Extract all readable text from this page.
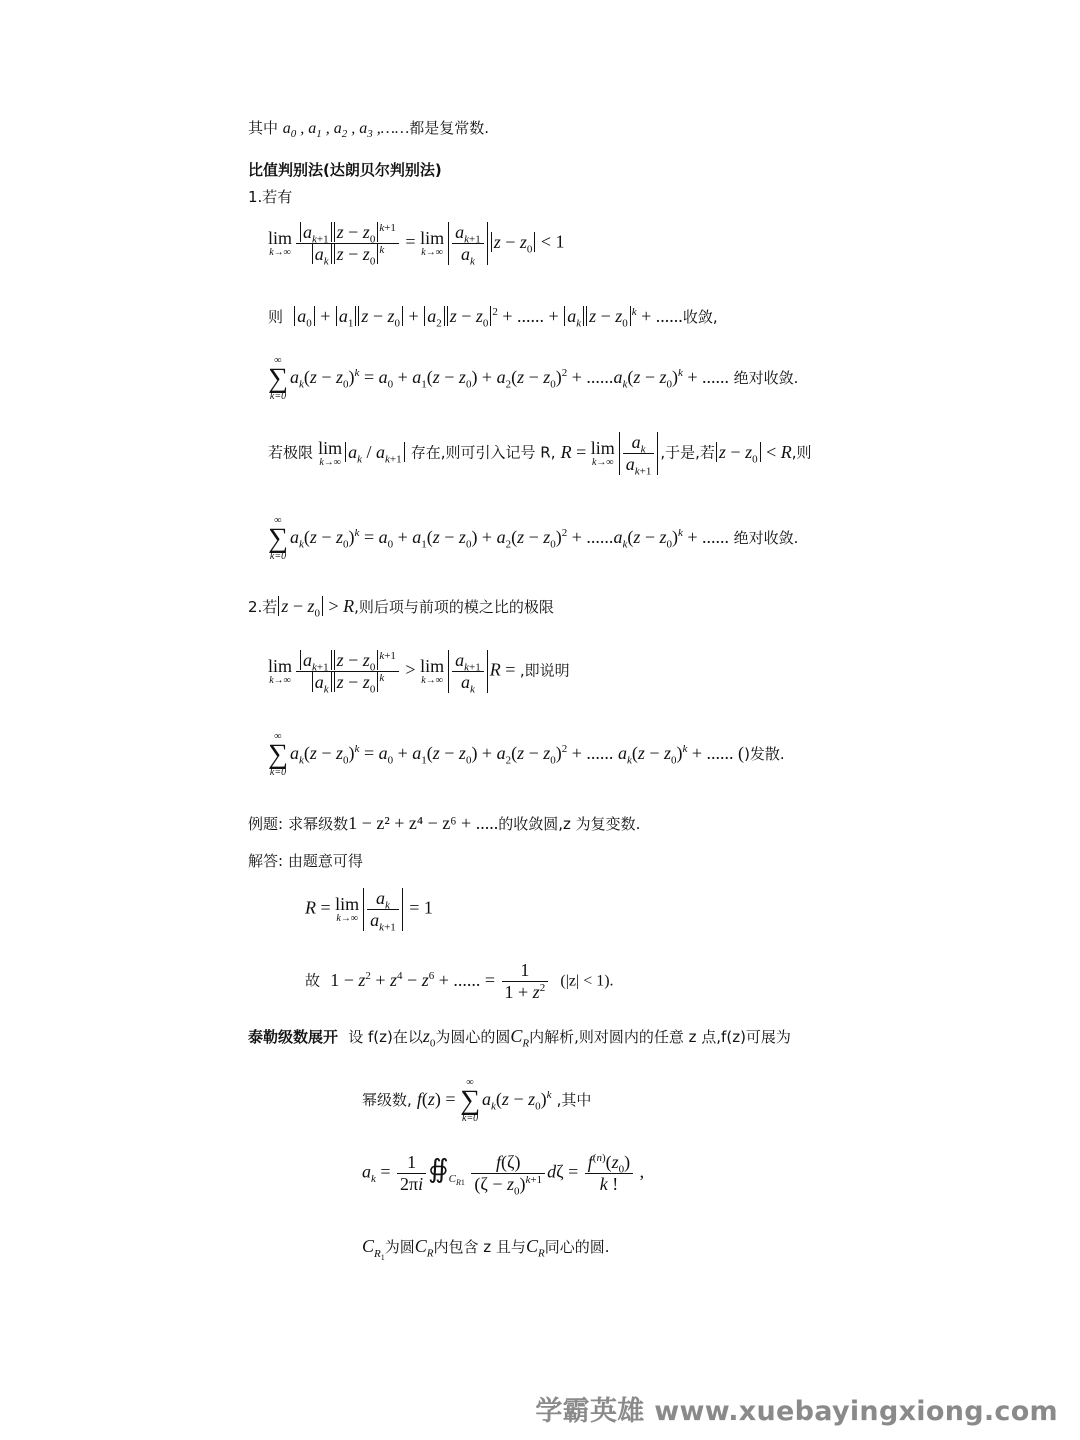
其中 $a_0$ , $a_1$ , $a_2$ , $a_3$ ,……都是复常数.
比值判别法(达朗贝尔判别法)
1.若有
lim
$k\to\infty \frac{a_{k+1} z - z_0^{k+1}}{a_k z - z_0^k} = \lim$
$k\to\infty \frac{a_{k+1}}{a_k}$ $z - z_0 < 1$
则 $a_0 + a_1$ $z - z_0 + a_2$ $z - z_0^2$ + ...... + $a_k$ $z - z_0^k$ + ......收敛,
∞
∑
k=0
$a_k(z - z_0)^k = a_0 + a_1(z - z_0) + a_2(z - z_0)^2 + ......a_k(z - z_0)^k$ + ...... 绝对收敛.
若极限 lim
k→∞
$a_k / a_{k+1}$ 存在,则可引入记号 R, R = lim
$k\to\infty \frac{a_k}{a_{k+1}}$ ,于是,若 $z - z_0 < R$,则
∞
∑
k=0
$a_k(z - z_0)^k = a_0 + a_1(z - z_0) + a_2(z - z_0)^2 + ......a_k(z - z_0)^k$ + ...... 绝对收敛.
2.若 $z - z_0 > R$,则后项与前项的模之比的极限
lim
$k\to\infty \frac{a_{k+1} z - z_0^{k+1}}{a_k z - z_0^k} > \lim$
$k\to\infty \frac{a_{k+1}}{a_k}$ R = ,即说明
∞
∑
k=0
$a_k(z - z_0)^k = a_0 + a_1(z - z_0) + a_2(z - z_0)^2$ + ...... $a_k(z - z_0)^k$ + ...... ()发散.
例题: 求幂级数1 − z² + z⁴ − z⁶ + .....的收敛圆,z 为复变数.
解答: 由题意可得
R = lim
$k\to\infty \frac{a_k}{a_{k+1}} = 1$
故 $1 - z^2 + z^4 - z^6$ + ...... = $\frac{1}{1 + z^2} (|z| < 1)$.
泰勒级数展开 设 f(z)在以$z_0$为圆心的圆$C_R$内解析,则对圆内的任意 z 点,f(z)可展为
幂级数, f(z) =
∞
∑
k=0
$a_k(z - z_0)^k$ ,其中
$a_k = \frac{1}{2\pi i}$ $∯_{C_{R1}} \frac{f(\zeta)}{(\zeta - z_0)^{k+1}}$ $d\zeta = \frac{f^{(n)}(z_0)}{k !}$ ,
$C_{R_1}$为圆$C_R$内包含 z 且与$C_R$同心的圆.
学霸英雄 www.xuebayingxiong.com
